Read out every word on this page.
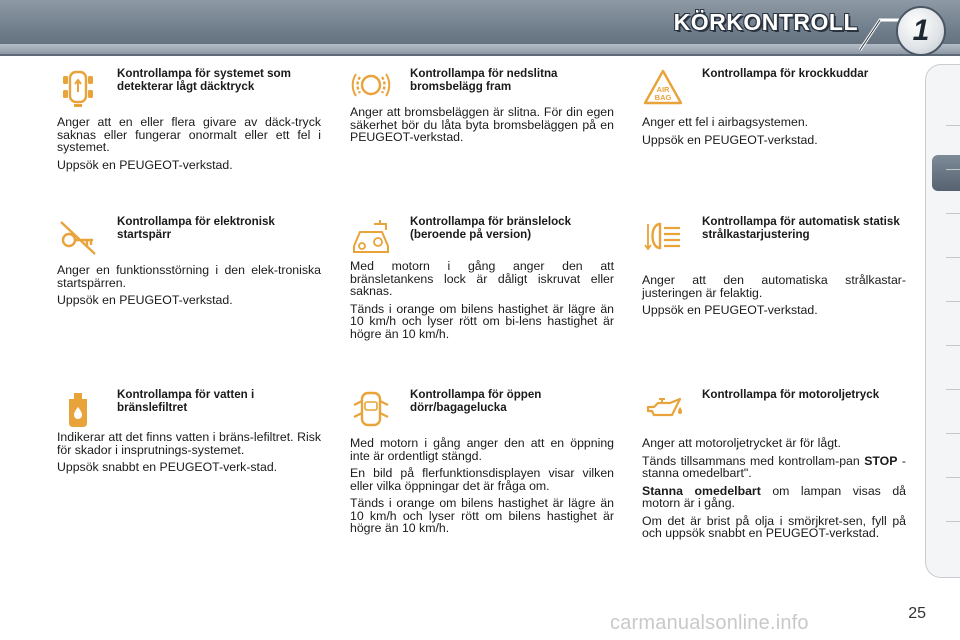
KÖRKONTROLL	1

Kontrollampa för systemet som detekterar lågt däcktryck

Anger att en eller flera givare av däck-tryck saknas eller fungerar onormalt eller ett fel i systemet.

Uppsök en PEUGEOT-verkstad.

Kontrollampa för nedslitna bromsbelägg fram

Anger att bromsbeläggen är slitna. För din egen säkerhet bör du låta byta bromsbeläggen på en PEUGEOT-verkstad.

AIR
BAG

Kontrollampa för krockkuddar

Anger ett fel i airbagsystemen.

Uppsök en PEUGEOT-verkstad.

Kontrollampa för elektronisk startspärr

Anger en funktionsstörning i den elek-troniska startspärren.

Uppsök en PEUGEOT-verkstad.

Kontrollampa för bränslelock (beroende på version)

Med motorn i gång anger den att bränsletankens lock är dåligt iskruvat eller saknas.

Tänds i orange om bilens hastighet är lägre än 10 km/h och lyser rött om bi-lens hastighet är högre än 10 km/h.

Kontrollampa för automatisk statisk strålkastarjustering

Anger att den automatiska strålkastar-justeringen är felaktig.

Uppsök en PEUGEOT-verkstad.

Kontrollampa för vatten i bränslefiltret

Indikerar att det finns vatten i bräns-lefiltret. Risk för skador i insprutnings-systemet.

Uppsök snabbt en PEUGEOT-verk-stad.

Kontrollampa för öppen dörr/bagagelucka

Med motorn i gång anger den att en öppning inte är ordentligt stängd.

En bild på flerfunktionsdisplayen visar vilken eller vilka öppningar det är fråga om.

Tänds i orange om bilens hastighet är lägre än 10 km/h och lyser rött om bilens hastighet är högre än 10 km/h.

Kontrollampa för motoroljetryck

Anger att motoroljetrycket är för lågt.

Tänds tillsammans med kontrollam-pan STOP - stanna omedelbart".

Stanna omedelbart om lampan visas då motorn är i gång.

Om det är brist på olja i smörjkret-sen, fyll på och uppsök snabbt en PEUGEOT-verkstad.

25
carmanualsonline.info
